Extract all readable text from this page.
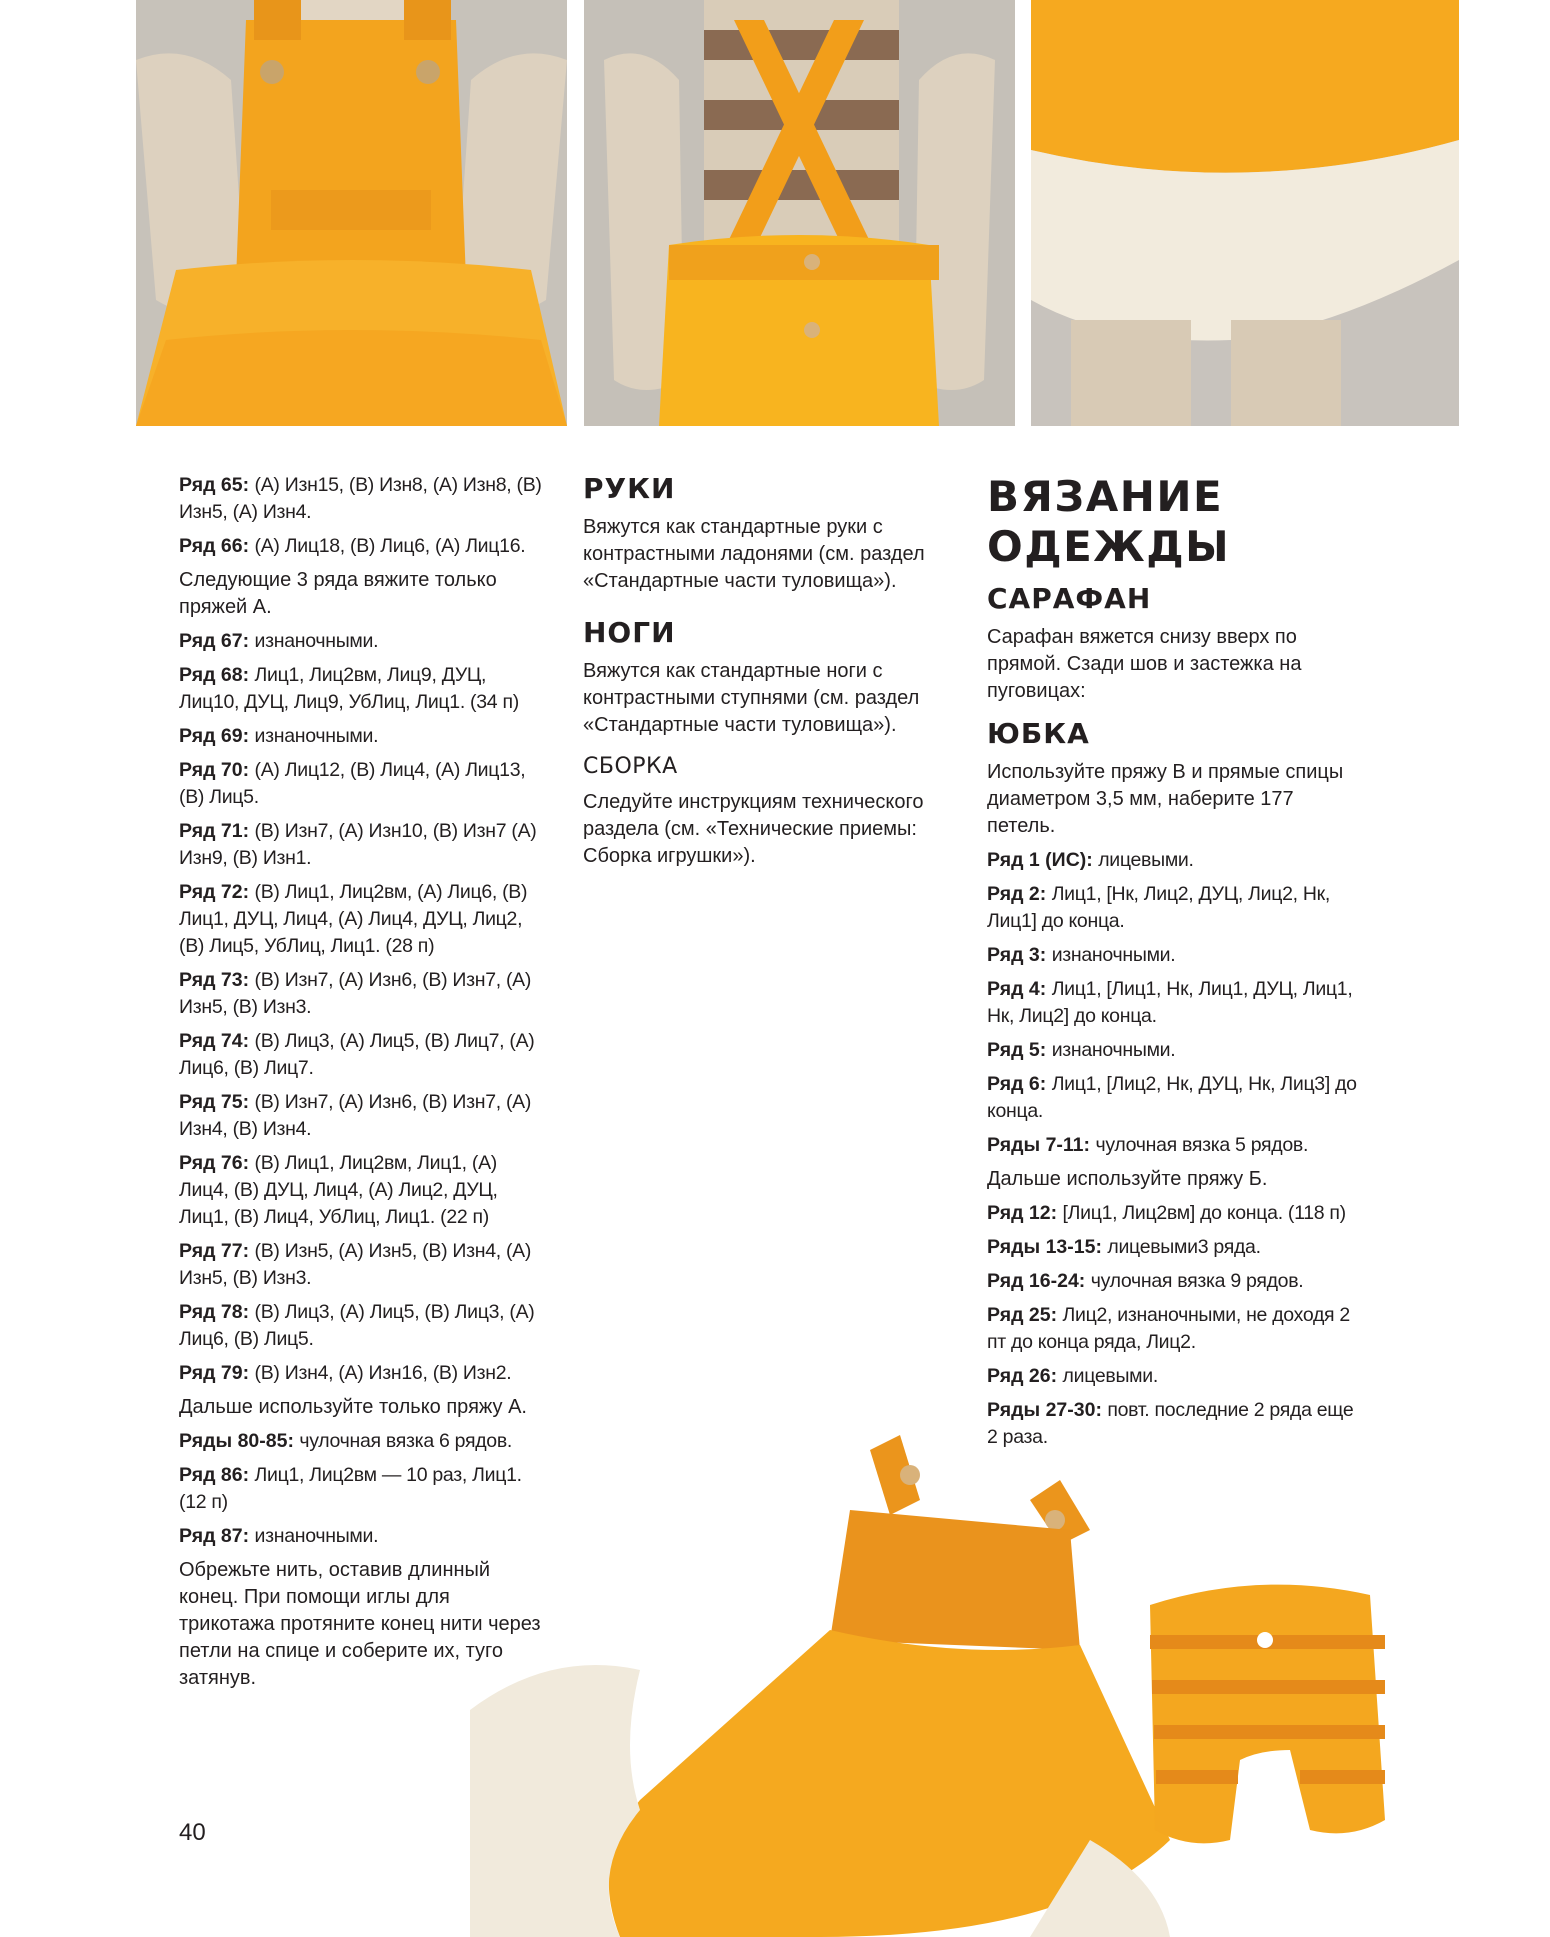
Ряд 65: (A) Изн15, (B) Изн8, (A) Изн8, (B) Изн5, (A) Изн4.
Ряд 66: (A) Лиц18, (B) Лиц6, (A) Лиц16.
Следующие 3 ряда вяжите только пряжей A.
Ряд 67: изнаночными.
Ряд 68: Лиц1, Лиц2вм, Лиц9, ДУЦ, Лиц10, ДУЦ, Лиц9, УбЛиц, Лиц1. (34 п)
Ряд 69: изнаночными.
Ряд 70: (A) Лиц12, (B) Лиц4, (A) Лиц13, (B) Лиц5.
Ряд 71: (B) Изн7, (A) Изн10, (B) Изн7 (A) Изн9, (B) Изн1.
Ряд 72: (B) Лиц1, Лиц2вм, (A) Лиц6, (B) Лиц1, ДУЦ, Лиц4, (A) Лиц4, ДУЦ, Лиц2, (B) Лиц5, УбЛиц, Лиц1. (28 п)
Ряд 73: (B) Изн7, (A) Изн6, (B) Изн7, (A) Изн5, (B) Изн3.
Ряд 74: (B) Лиц3, (A) Лиц5, (B) Лиц7, (A) Лиц6, (B) Лиц7.
Ряд 75: (B) Изн7, (A) Изн6, (B) Изн7, (A) Изн4, (B) Изн4.
Ряд 76: (B) Лиц1, Лиц2вм, Лиц1, (A) Лиц4, (B) ДУЦ, Лиц4, (A) Лиц2, ДУЦ, Лиц1, (B) Лиц4, УбЛиц, Лиц1. (22 п)
Ряд 77: (B) Изн5, (A) Изн5, (B) Изн4, (A) Изн5, (B) Изн3.
Ряд 78: (B) Лиц3, (A) Лиц5, (B) Лиц3, (A) Лиц6, (B) Лиц5.
Ряд 79: (B) Изн4, (A) Изн16, (B) Изн2.
Дальше используйте только пряжу A.
Ряды 80-85: чулочная вязка 6 рядов.
Ряд 86: Лиц1, Лиц2вм — 10 раз, Лиц1. (12 п)
Ряд 87: изнаночными.
Обрежьте нить, оставив длинный конец. При помощи иглы для трикотажа протяните конец нити через петли на спице и соберите их, туго затянув.
РУКИ
Вяжутся как стандартные руки с контрастными ладонями (см. раздел «Стандартные части туловища»).
НОГИ
Вяжутся как стандартные ноги с контрастными ступнями (см. раздел «Стандартные части туловища»).
СБОРКА
Следуйте инструкциям технического раздела (см. «Технические приемы: Сборка игрушки»).
ВЯЗАНИЕ
ОДЕЖДЫ
САРАФАН
Сарафан вяжется снизу вверх по прямой. Сзади шов и застежка на пуговицах:
ЮБКА
Используйте пряжу B и прямые спицы диаметром 3,5 мм, наберите 177 петель.
Ряд 1 (ИС): лицевыми.
Ряд 2: Лиц1, [Нк, Лиц2, ДУЦ, Лиц2, Нк, Лиц1] до конца.
Ряд 3: изнаночными.
Ряд 4: Лиц1, [Лиц1, Нк, Лиц1, ДУЦ, Лиц1, Нк, Лиц2] до конца.
Ряд 5: изнаночными.
Ряд 6: Лиц1, [Лиц2, Нк, ДУЦ, Нк, Лиц3] до конца.
Ряды 7-11: чулочная вязка 5 рядов.
Дальше используйте пряжу Б.
Ряд 12: [Лиц1, Лиц2вм] до конца. (118 п)
Ряды 13-15: лицевыми3 ряда.
Ряд 16-24: чулочная вязка 9 рядов.
Ряд 25: Лиц2, изнаночными, не доходя 2 пт до конца ряда, Лиц2.
Ряд 26: лицевыми.
Ряды 27-30: повт. последние 2 ряда еще 2 раза.
40
